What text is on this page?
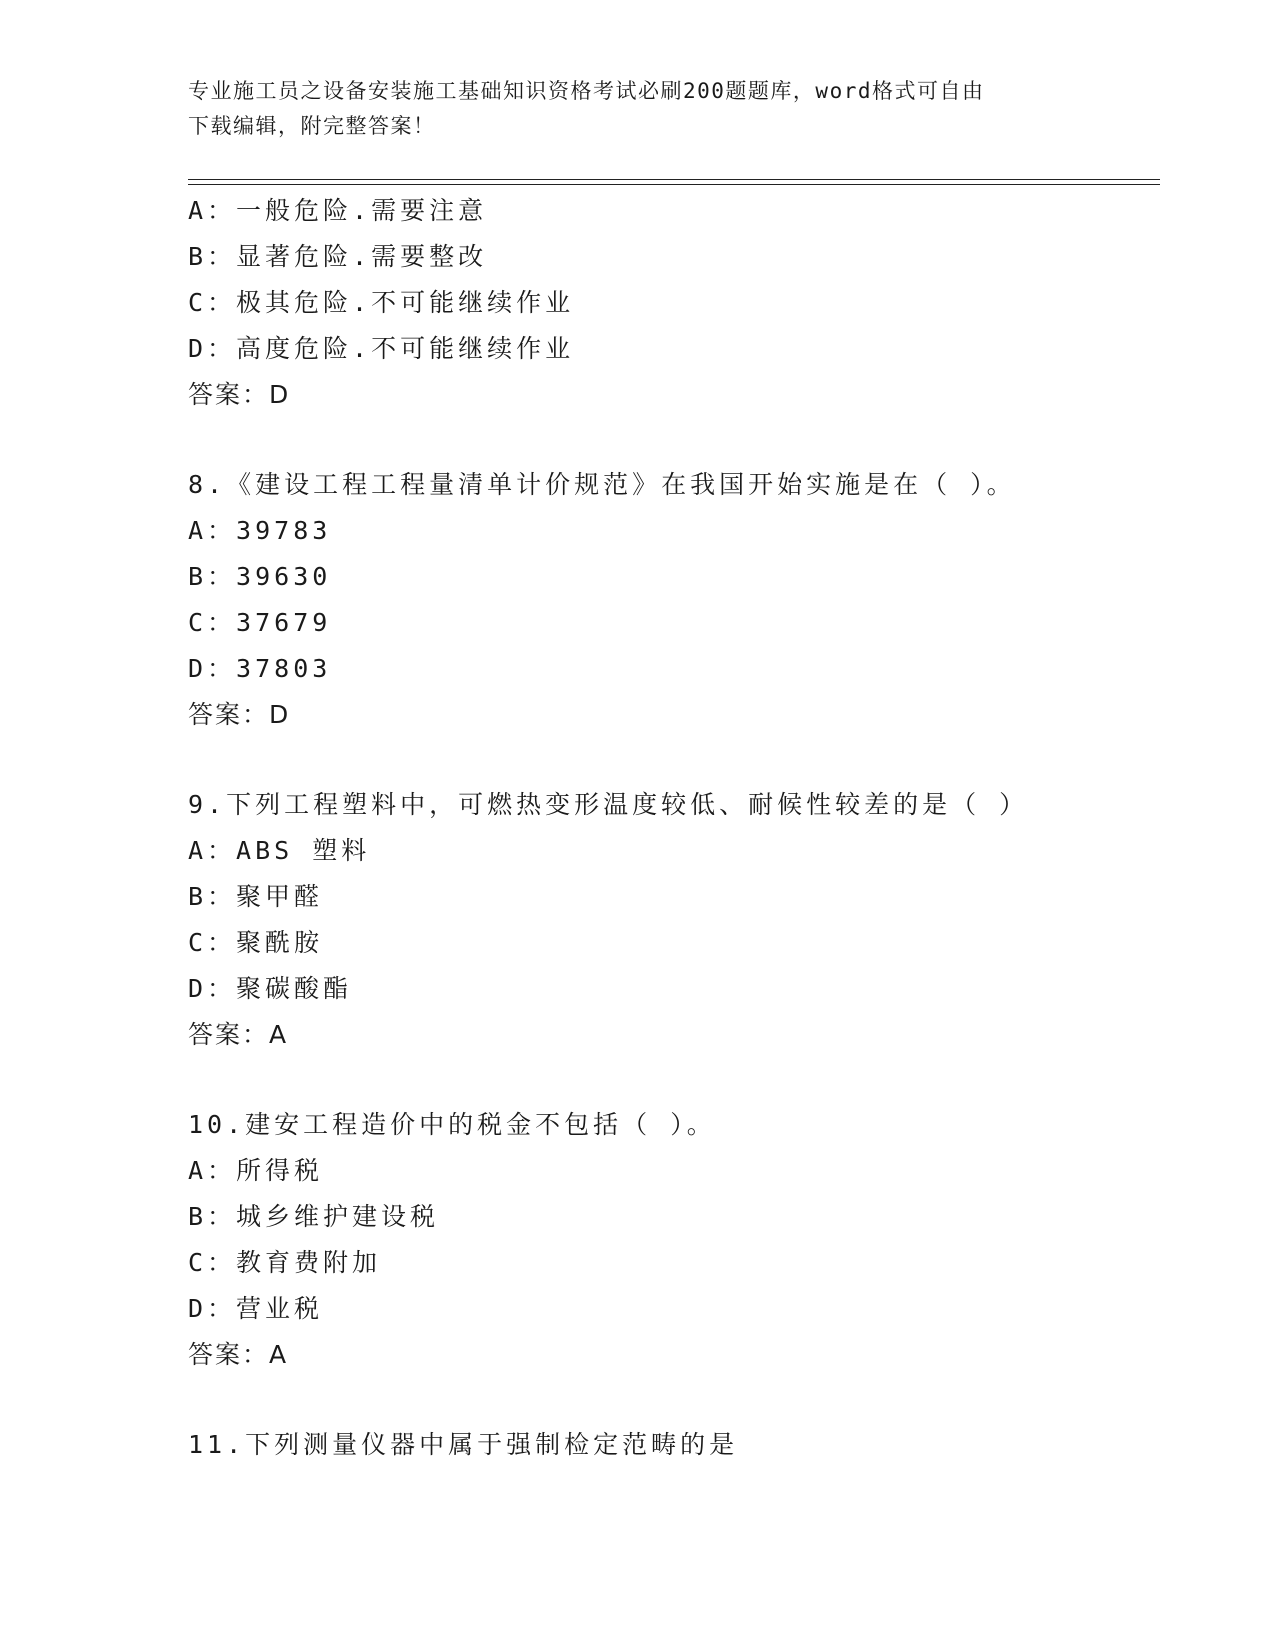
专业施工员之设备安装施工基础知识资格考试必刷200题题库，word格式可自由
下载编辑，附完整答案！
A：一般危险.需要注意
B：显著危险.需要整改
C：极其危险.不可能继续作业
D：高度危险.不可能继续作业
答案：D
8.《建设工程工程量清单计价规范》在我国开始实施是在（ ）。
A：39783
B：39630
C：37679
D：37803
答案：D
9.下列工程塑料中，可燃热变形温度较低、耐候性较差的是（ ）
A：ABS 塑料
B：聚甲醛
C：聚酰胺
D：聚碳酸酯
答案：A
10.建安工程造价中的税金不包括（ ）。
A：所得税
B：城乡维护建设税
C：教育费附加
D：营业税
答案：A
11.下列测量仪器中属于强制检定范畴的是
